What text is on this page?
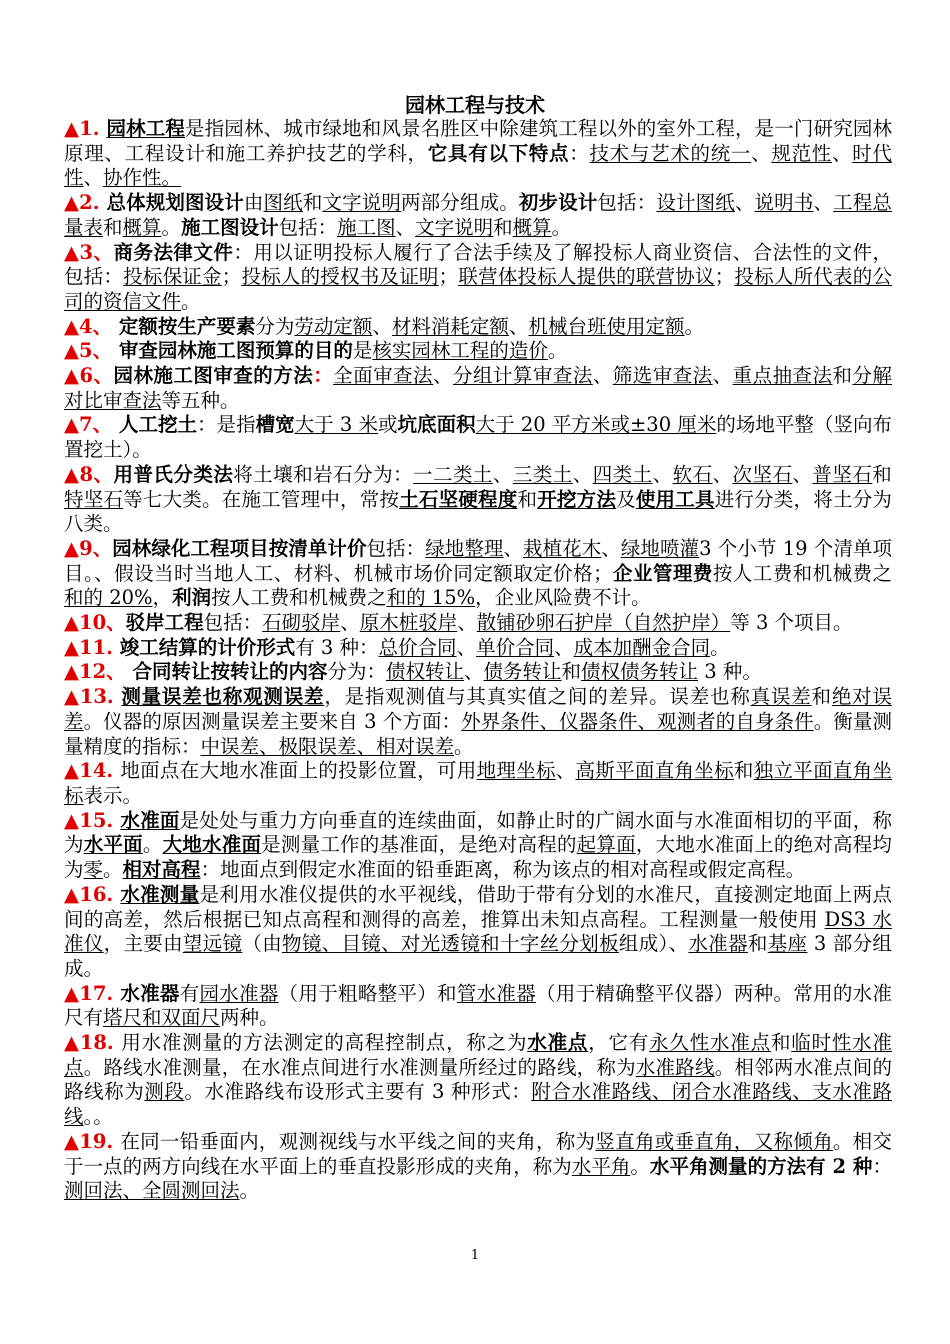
园林工程与技术

▲1. 园林工程是指园林、城市绿地和风景名胜区中除建筑工程以外的室外工程，是一门研究园林原理、工程设计和施工养护技艺的学科，它具有以下特点：技术与艺术的统一、规范性、时代性、协作性。

▲2. 总体规划图设计由图纸和文字说明两部分组成。初步设计包括：设计图纸、说明书、工程总量表和概算。施工图设计包括：施工图、文字说明和概算。

▲3、商务法律文件：用以证明投标人履行了合法手续及了解投标人商业资信、合法性的文件，包括：投标保证金；投标人的授权书及证明；联营体投标人提供的联营协议；投标人所代表的公司的资信文件。

▲4、 定额按生产要素分为劳动定额、材料消耗定额、机械台班使用定额。

▲5、 审查园林施工图预算的目的是核实园林工程的造价。

▲6、园林施工图审查的方法：全面审查法、分组计算审查法、筛选审查法、重点抽查法和分解对比审查法等五种。

▲7、 人工挖土：是指槽宽大于 3 米或坑底面积大于 20 平方米或±30 厘米的场地平整（竖向布置挖土）。

▲8、用普氏分类法将土壤和岩石分为：一二类土、三类土、四类土、软石、次坚石、普坚石和特坚石等七大类。在施工管理中，常按土石坚硬程度和开挖方法及使用工具进行分类，将土分为八类。

▲9、园林绿化工程项目按清单计价包括：绿地整理、栽植花木、绿地喷灌3 个小节 19 个清单项目。、假设当时当地人工、材料、机械市场价同定额取定价格；企业管理费按人工费和机械费之和的 20%，利润按人工费和机械费之和的 15%，企业风险费不计。

▲10、驳岸工程包括：石砌驳岸、原木桩驳岸、散铺砂卵石护岸（自然护岸）等 3 个项目。

▲11. 竣工结算的计价形式有 3 种：总价合同、单价合同、成本加酬金合同。

▲12、 合同转让按转让的内容分为：债权转让、债务转让和债权债务转让 3 种。

▲13. 测量误差也称观测误差，是指观测值与其真实值之间的差异。误差也称真误差和绝对误差。仪器的原因测量误差主要来自 3 个方面：外界条件、仪器条件、观测者的自身条件。衡量测量精度的指标：中误差、极限误差、相对误差。

▲14. 地面点在大地水准面上的投影位置，可用地理坐标、高斯平面直角坐标和独立平面直角坐标表示。

▲15. 水准面是处处与重力方向垂直的连续曲面，如静止时的广阔水面与水准面相切的平面，称为水平面。大地水准面是测量工作的基准面，是绝对高程的起算面，大地水准面上的绝对高程均为零。相对高程：地面点到假定水准面的铅垂距离，称为该点的相对高程或假定高程。

▲16. 水准测量是利用水准仪提供的水平视线，借助于带有分划的水准尺，直接测定地面上两点间的高差，然后根据已知点高程和测得的高差，推算出未知点高程。工程测量一般使用 DS3 水准仪，主要由望远镜（由物镜、目镜、对光透镜和十字丝分划板组成）、水准器和基座 3 部分组成。

▲17. 水准器有园水准器（用于粗略整平）和管水准器（用于精确整平仪器）两种。常用的水准尺有塔尺和双面尺两种。

▲18. 用水准测量的方法测定的高程控制点，称之为水准点，它有永久性水准点和临时性水准点。路线水准测量，在水准点间进行水准测量所经过的路线，称为水准路线。相邻两水准点间的路线称为测段。水准路线布设形式主要有 3 种形式：附合水准路线、闭合水准路线、支水准路线。。

▲19. 在同一铅垂面内，观测视线与水平线之间的夹角，称为竖直角或垂直角，又称倾角。相交于一点的两方向线在水平面上的垂直投影形成的夹角，称为水平角。水平角测量的方法有 2 种：测回法、全圆测回法。

1
